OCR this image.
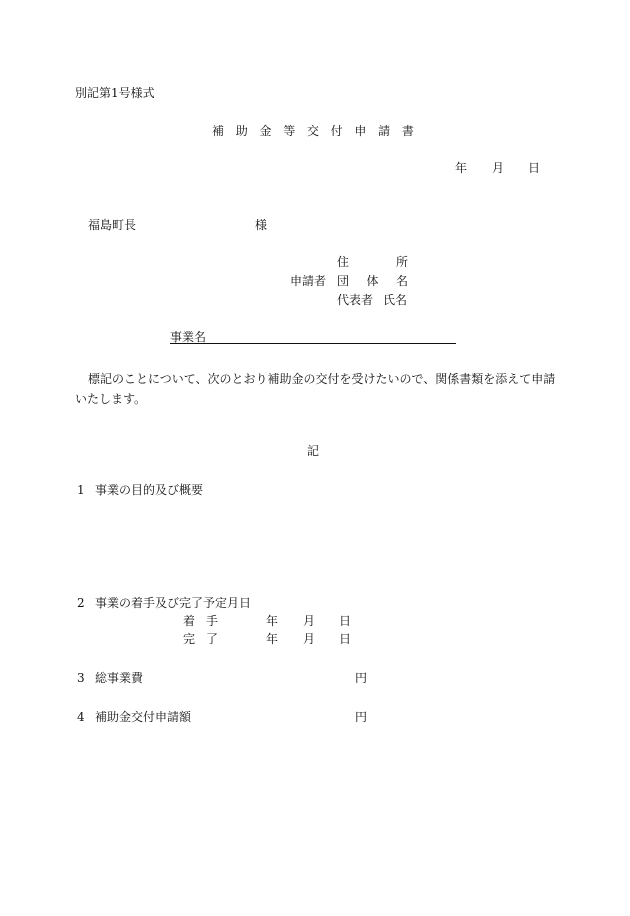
別記第1号様式
補 助 金 等 交 付 申 請 書
年 月 日
福島町長	様
住	所
申請者 団 体 名
代表者 氏名
事業名
標記のことについて、次のとおり補助金の交付を受けたいので、関係書類を添えて申請いたします。
記
1 事業の目的及び概要
2 事業の着手及び完了予定月日
着 手	年 月 日
完 了	年 月 日
3 総事業費	円
4 補助金交付申請額	円
